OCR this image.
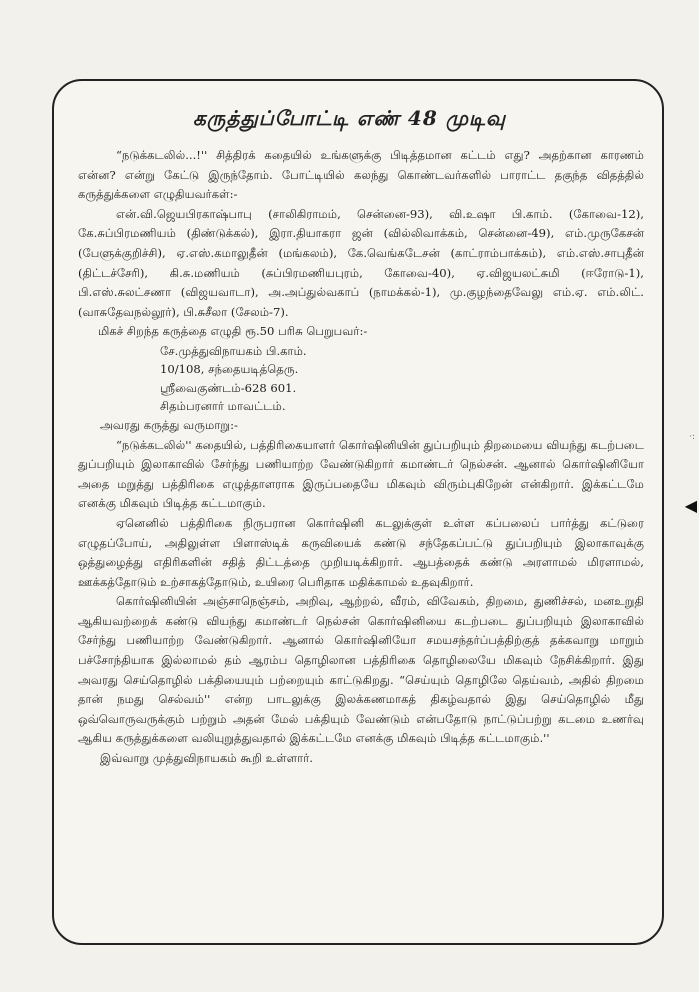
கருத்துப்போட்டி எண் 48 முடிவு

“நடுக்கடலில்...!'' சித்திரக் கதையில் உங்களுக்கு பிடித்தமான கட்டம் எது? அதற்கான காரணம் என்ன? என்று கேட்டு இருந்தோம். போட்டியில் கலந்து கொண்டவர்களில் பாராட்ட தகுந்த விதத்தில் கருத்துக்களை எழுதியவர்கள்:-

என்.வி.ஜெயபிரகாஷ்பாபு (சாலிகிராமம், சென்னை-93), வி.உஷா பி.காம். (கோவை-12), கே.சுப்பிரமணியம் (திண்டுக்கல்), இரா.தியாகரா ஜன் (வில்லிவாக்கம், சென்னை-49), எம்.முருகேசன் (பேளுக்குறிச்சி), ஏ.எஸ்.கமாலுதீன் (மங்கலம்), கே.வெங்கடேசன் (காட்ராம்பாக்கம்), எம்.எஸ்.சாபுதீன் (திட்டச்சேரி), கி.சு.மணியம் (சுப்பிரமணியபுரம், கோவை-40), ஏ.விஜயலட்சுமி (ஈரோடு-1), பி.எஸ்.சுலட்சணா (விஜயவாடா), அ.அப்துல்வகாப் (நாமக்கல்-1), மு.குழந்தைவேலு எம்.ஏ. எம்.லிட். (வாசுதேவநல்லூர்), பி.சுசீலா (சேலம்-7).

மிகச் சிறந்த கருத்தை எழுதி ரூ.50 பரிசு பெறுபவர்:-

சே.முத்துவிநாயகம் பி.காம்.
10/108, சந்தையடித்தெரு.
ஸ்ரீவைகுண்டம்-628 601.
சிதம்பரனார் மாவட்டம்.

அவரது கருத்து வருமாறு:-

“நடுக்கடலில்'' கதையில், பத்திரிகையாளர் கொர்ஷினியின் துப்பறியும் திறமையை வியந்து கடற்படை துப்பறியும் இலாகாவில் சேர்ந்து பணியாற்ற வேண்டுகிறார் கமாண்டர் நெல்சன். ஆனால் கொர்ஷினியோ அதை மறுத்து பத்திரிகை எழுத்தாளராக இருப்பதையே மிகவும் விரும்புகிறேன் என்கிறார். இக்கட்டமே எனக்கு மிகவும் பிடித்த கட்டமாகும்.

ஏனெனில் பத்திரிகை நிருபரான கொர்ஷினி கடலுக்குள் உள்ள கப்பலைப் பார்த்து கட்டுரை எழுதப்போய், அதிலுள்ள பிளாஸ்டிக் கருவியைக் கண்டு சந்தேகப்பட்டு துப்பறியும் இலாகாவுக்கு ஒத்துழைத்து எதிரிகளின் சதித் திட்டத்தை முறியடிக்கிறார். ஆபத்தைக் கண்டு அரளாமல் மிரளாமல், ஊக்கத்தோடும் உற்சாகத்தோடும், உயிரை பெரிதாக மதிக்காமல் உதவுகிறார்.

கொர்ஷினியின் அஞ்சாநெஞ்சம், அறிவு, ஆற்றல், வீரம், விவேகம், திறமை, துணிச்சல், மனஉறுதி ஆகியவற்றைக் கண்டு வியந்து கமாண்டர் நெல்சன் கொர்ஷினியை கடற்படை துப்பறியும் இலாகாவில் சேர்ந்து பணியாற்ற வேண்டுகிறார். ஆனால் கொர்ஷினியோ சமயசந்தர்ப்பத்திற்குத் தக்கவாறு மாறும் பச்சோந்தியாக இல்லாமல் தம் ஆரம்ப தொழிலான பத்திரிகை தொழிலையே மிகவும் நேசிக்கிறார். இது அவரது செய்தொழில் பக்தியையும் பற்றையும் காட்டுகிறது. “செய்யும் தொழிலே தெய்வம், அதில் திறமை தான் நமது செல்வம்'' என்ற பாடலுக்கு இலக்கணமாகத் திகழ்வதால் இது செய்தொழில் மீது ஒவ்வொருவருக்கும் பற்றும் அதன் மேல் பக்தியும் வேண்டும் என்பதோடு நாட்டுப்பற்று கடமை உணர்வு ஆகிய கருத்துக்களை வலியுறுத்துவதால் இக்கட்டமே எனக்கு மிகவும் பிடித்த கட்டமாகும்.''

இவ்வாறு முத்துவிநாயகம் கூறி உள்ளார்.

◀
·:
